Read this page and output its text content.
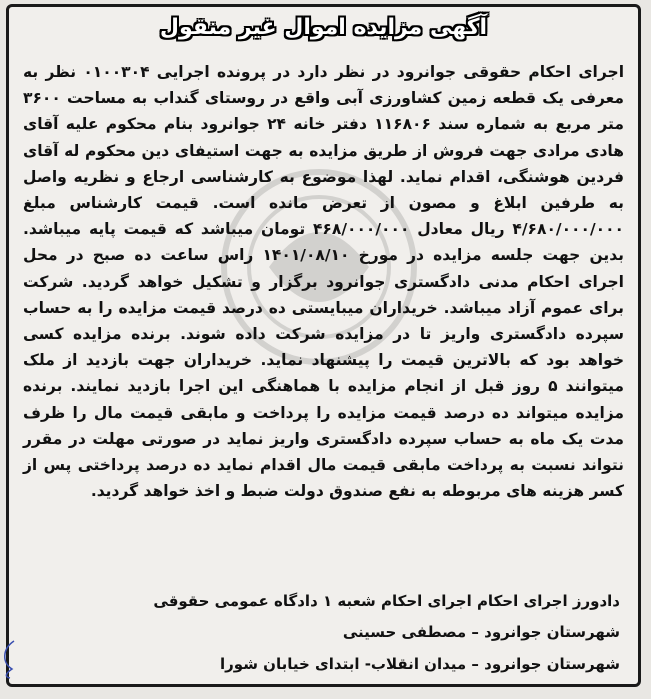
آگهی مزایده اموال غیر منقول
اجرای احکام حقوقی جوانرود در نظر دارد در پرونده اجرایی ۰۱۰۰۳۰۴ نظر به معرفی یک قطعه زمین کشاورزی آبی واقع در روستای گنداب به مساحت ۳۶۰۰ متر مربع به شماره سند ۱۱۶۸۰۶ دفتر خانه ۲۴ جوانرود بنام محکوم علیه آقای هادی مرادی جهت فروش از طریق مزایده به جهت استیفای دین محکوم له آقای فردین هوشنگی، اقدام نماید. لهذا موضوع به کارشناسی ارجاع و نظریه واصل به طرفین ابلاغ و مصون از تعرض مانده است. قیمت کارشناس مبلغ ۴/۶۸۰/۰۰۰/۰۰۰ ریال معادل ۴۶۸/۰۰۰/۰۰۰ تومان میباشد که قیمت پایه میباشد. بدین جهت جلسه مزایده در مورخ ۱۴۰۱/۰۸/۱۰ راس ساعت ده صبح در محل اجرای احکام مدنی دادگستری جوانرود برگزار و تشکیل خواهد گردید. شرکت برای عموم آزاد میباشد. خریداران میبایستی ده درصد قیمت مزایده را به حساب سپرده دادگستری واریز تا در مزایده شرکت داده شوند. برنده مزایده کسی خواهد بود که بالاترین قیمت را پیشنهاد نماید. خریداران جهت بازدید از ملک میتوانند ۵ روز قبل از انجام مزایده با هماهنگی این اجرا بازدید نمایند. برنده مزایده میتواند ده درصد قیمت مزایده را پرداخت و مابقی قیمت مال را ظرف مدت یک ماه به حساب سپرده دادگستری واریز نماید در صورتی مهلت در مقرر نتواند نسبت به پرداخت مابقی قیمت مال اقدام نماید ده درصد پرداختی پس از کسر هزینه های مربوطه به نفع صندوق دولت ضبط و اخذ خواهد گردید.
دادورز اجرای احکام اجرای احکام شعبه ۱ دادگاه عمومی حقوقی
شهرستان جوانرود – مصطفی حسینی
شهرستان جوانرود – میدان انقلاب- ابتدای خیابان شورا
